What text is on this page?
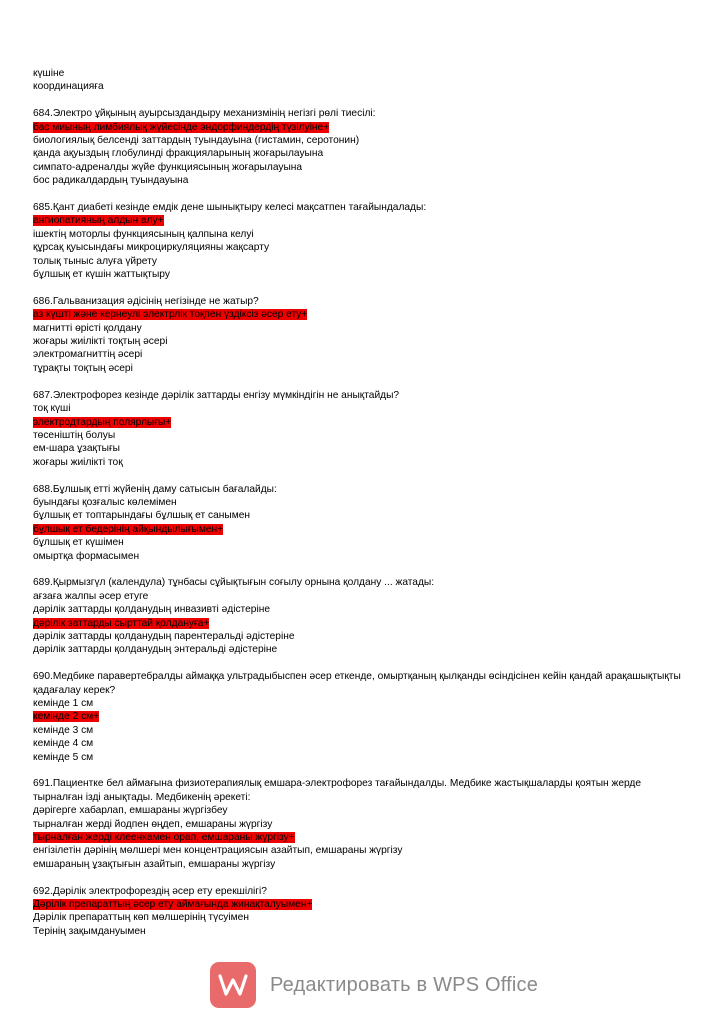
күшіне
координацияға
684.Электро ұйқының ауырсыздандыру механизмінің негізгі рөлі тиесілі:
бас миының лимбиялық жүйесінде эндорфиндердің түзілуіне+
биологиялық белсенді заттардың туындауына (гистамин, серотонин)
қанда ақуыздың глобулинді фракцияларының жоғарылауына
симпато-адреналды жүйе функциясының жоғарылауына
бос радикалдардың туындауына
685.Қант диабеті кезінде емдік дене шынықтыру келесі мақсатпен тағайындалады:
ангиопатияның алдын алу+
ішектің моторлы функциясының қалпына келуі
құрсақ қуысындағы микроциркуляцияны жақсарту
толық тыныс алуға үйрету
бұлшық ет күшін жаттықтыру
686.Гальванизация әдісінің негізінде не жатыр?
аз күшті және кернеулі электрлік тоқпен үздіксіз әсер ету+
магнитті өрісті қолдану
жоғары жиілікті тоқтың әсері
электромагниттің әсері
тұрақты тоқтың әсері
687.Электрофорез кезінде дәрілік заттарды енгізу мүмкіндігін не анықтайды?
тоқ күші
электродтардың полярлығы+
төсеніштің болуы
ем-шара ұзақтығы
жоғары жиілікті тоқ
688.Бұлшық етті жүйенің даму сатысын бағалайды:
буындағы қозғалыс көлемімен
бұлшық ет топтарындағы бұлшық ет санымен
бұлшық ет бедерінің айқындылығымен+
бұлшық ет күшімен
омыртқа формасымен
689.Қырмызгүл (календула) тұнбасы сұйықтығын соғылу орнына қолдану ... жатады:
ағзаға жалпы әсер етуге
дәрілік заттарды қолданудың инвазивті әдістеріне
дәрілік заттарды сырттай қолдануға+
дәрілік заттарды қолданудың парентеральді әдістеріне
дәрілік заттарды қолданудың энтеральді әдістеріне
690.Медбике паравертебралды аймаққа ультрадыбыспен әсер еткенде, омыртқаның қылқанды өсіндісінен кейін қандай арақашықтықты қадағалау керек?
кемінде 1 см
кемінде 2 см+
кемінде 3 см
кемінде 4 см
кемінде 5 см
691.Пациентке бел аймағына физиотерапиялық емшара-электрофорез тағайындалды. Медбике жастықшаларды қоятын жерде тырналған ізді анықтады. Медбикенің әрекеті:
дәрігерге хабарлап, емшараны жүргізбеу
тырналған жерді йодпен өңдеп, емшараны жүргізу
тырналған жерді клеенкамен орап, емшараны жүргізу+
енгізілетін дәрінің мөлшері мен концентрациясын азайтып, емшараны жүргізу
емшараның ұзақтығын азайтып, емшараны жүргізу
692.Дәрілік электрофорездің әсер ету ерекшілігі?
Дәрілік препараттың әсер ету аймағында жинақталуымен+
Дәрілік препараттың көп мөлшерінің түсуімен
Терінің зақымдануымен
Редактировать в WPS Office
